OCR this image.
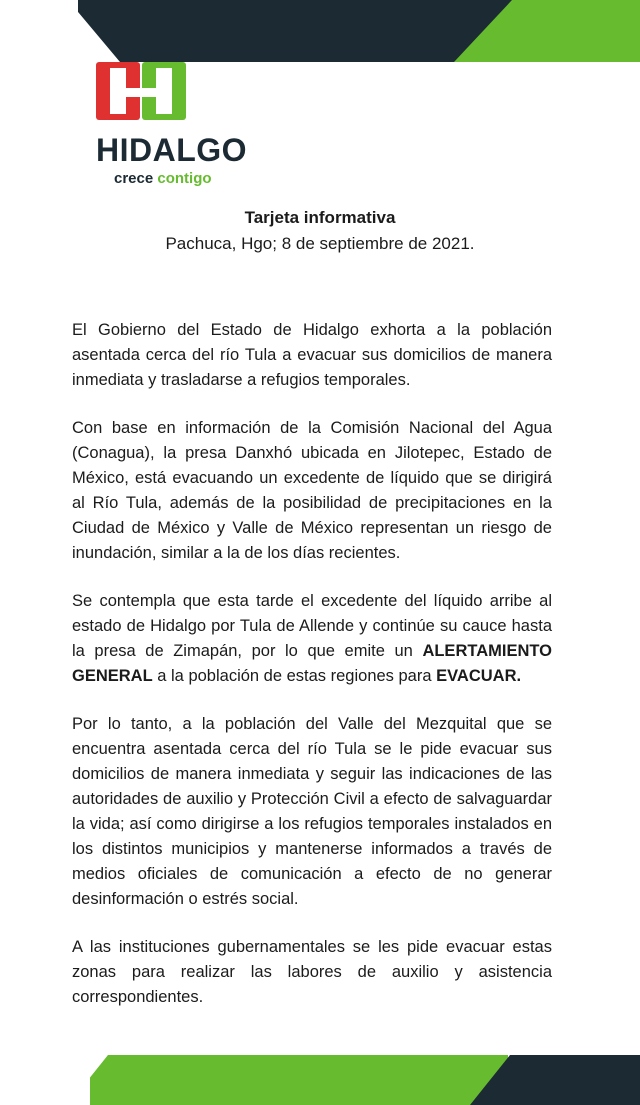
HIDALGO
crece contigo

Tarjeta informativa

Pachuca, Hgo; 8 de septiembre de 2021.

El Gobierno del Estado de Hidalgo exhorta a la población asentada cerca del río Tula a evacuar sus domicilios de manera inmediata y trasladarse a refugios temporales.

Con base en información de la Comisión Nacional del Agua (Conagua), la presa Danxhó ubicada en Jilotepec, Estado de México, está evacuando un excedente de líquido que se dirigirá al Río Tula, además de la posibilidad de precipitaciones en la Ciudad de México y Valle de México representan un riesgo de inundación, similar a la de los días recientes.

Se contempla que esta tarde el excedente del líquido arribe al estado de Hidalgo por Tula de Allende y continúe su cauce hasta la presa de Zimapán, por lo que emite un ALERTAMIENTO GENERAL a la población de estas regiones para EVACUAR.

Por lo tanto, a la población del Valle del Mezquital que se encuentra asentada cerca del río Tula se le pide evacuar sus domicilios de manera inmediata y seguir las indicaciones de las autoridades de auxilio y Protección Civil a efecto de salvaguardar la vida; así como dirigirse a los refugios temporales instalados en los distintos municipios y mantenerse informados a través de medios oficiales de comunicación a efecto de no generar desinformación o estrés social.

A las instituciones gubernamentales se les pide evacuar estas zonas para realizar las labores de auxilio y asistencia correspondientes.
